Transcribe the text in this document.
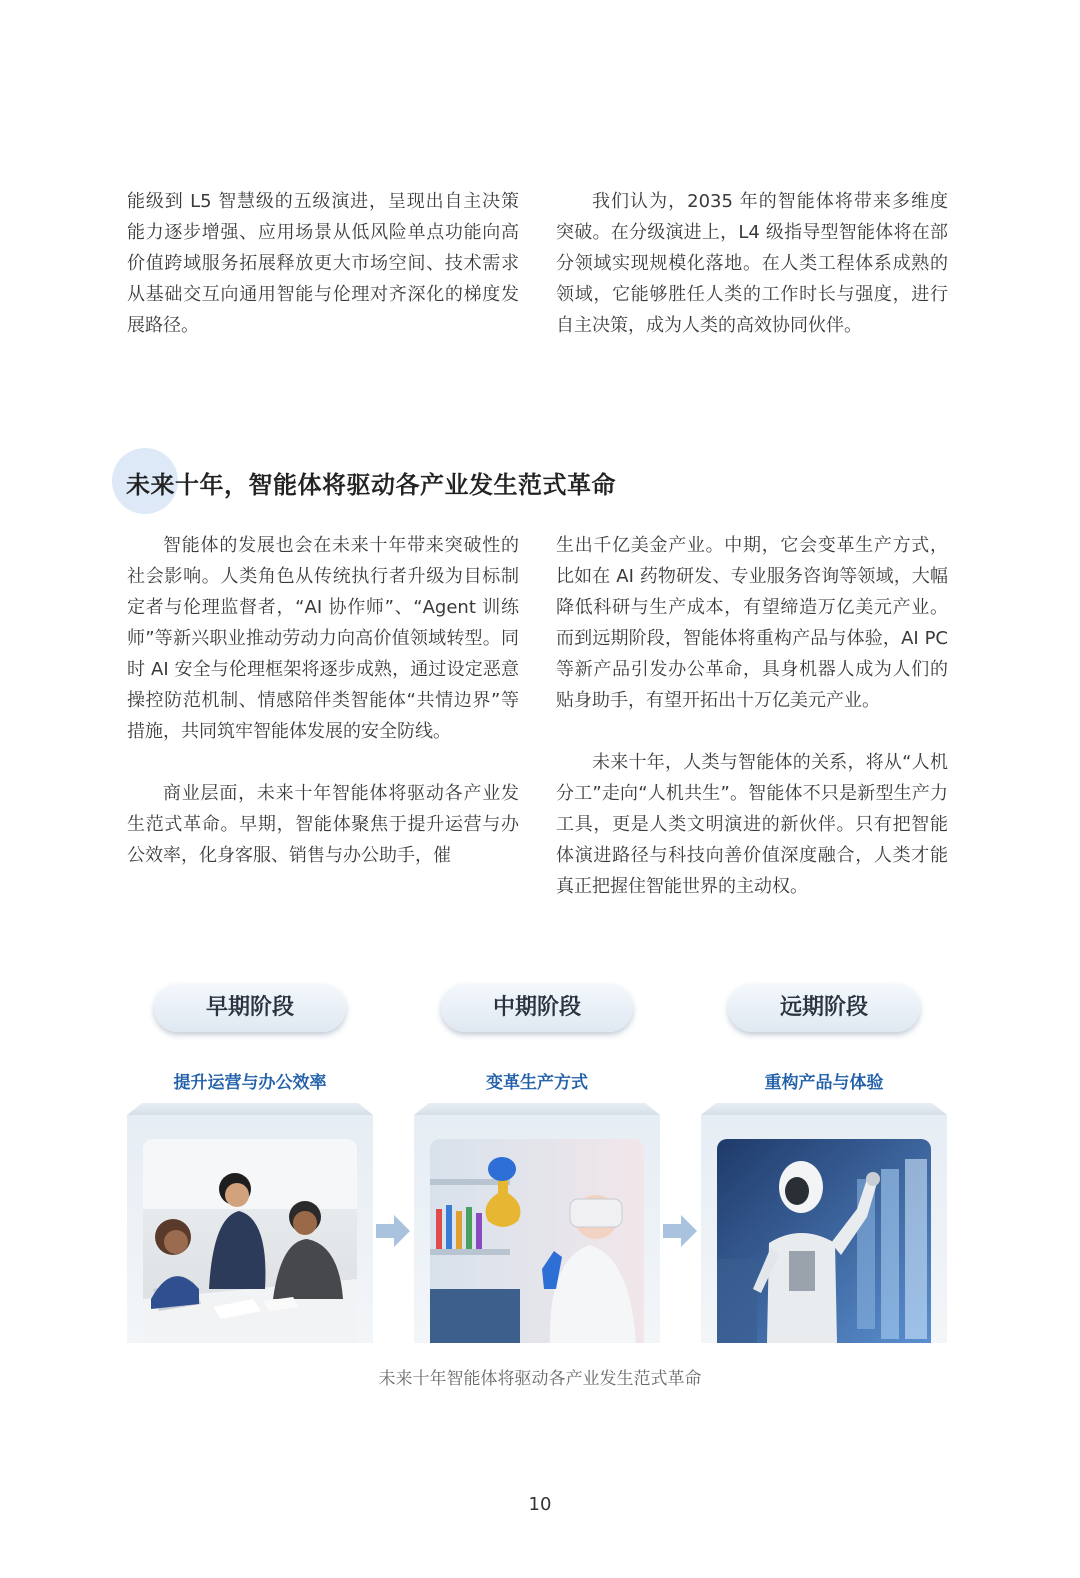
能级到 L5 智慧级的五级演进，呈现出自主决策能力逐步增强、应用场景从低风险单点功能向高价值跨域服务拓展释放更大市场空间、技术需求从基础交互向通用智能与伦理对齐深化的梯度发展路径。

我们认为，2035 年的智能体将带来多维度突破。在分级演进上，L4 级指导型智能体将在部分领域实现规模化落地。在人类工程体系成熟的领域，它能够胜任人类的工作时长与强度，进行自主决策，成为人类的高效协同伙伴。

未来十年，智能体将驱动各产业发生范式革命

智能体的发展也会在未来十年带来突破性的社会影响。人类角色从传统执行者升级为目标制定者与伦理监督者，“AI 协作师”、“Agent 训练师”等新兴职业推动劳动力向高价值领域转型。同时 AI 安全与伦理框架将逐步成熟，通过设定恶意操控防范机制、情感陪伴类智能体“共情边界”等措施，共同筑牢智能体发展的安全防线。

商业层面，未来十年智能体将驱动各产业发生范式革命。早期，智能体聚焦于提升运营与办公效率，化身客服、销售与办公助手，催

生出千亿美金产业。中期，它会变革生产方式，比如在 AI 药物研发、专业服务咨询等领域，大幅降低科研与生产成本，有望缔造万亿美元产业。而到远期阶段，智能体将重构产品与体验，AI PC 等新产品引发办公革命，具身机器人成为人们的贴身助手，有望开拓出十万亿美元产业。

未来十年，人类与智能体的关系，将从“人机分工”走向“人机共生”。智能体不只是新型生产力工具，更是人类文明演进的新伙伴。只有把智能体演进路径与科技向善价值深度融合，人类才能真正把握住智能世界的主动权。

早期阶段
提升运营与办公效率
中期阶段
变革生产方式
远期阶段
重构产品与体验
未来十年智能体将驱动各产业发生范式革命
10
